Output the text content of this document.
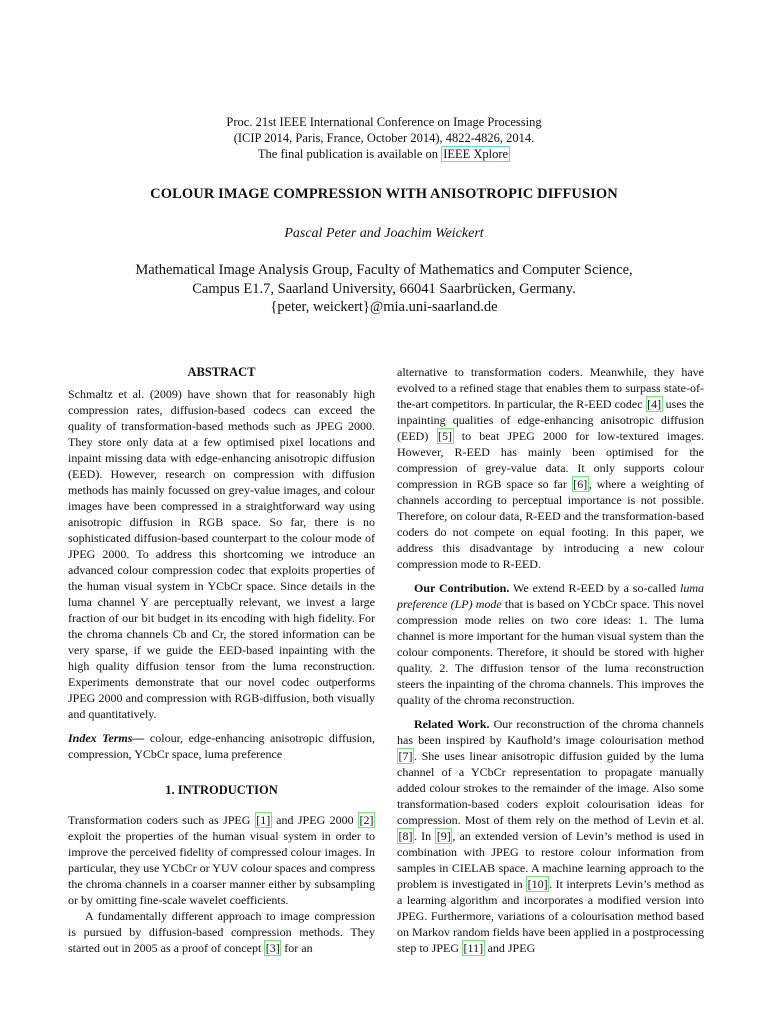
Proc. 21st IEEE International Conference on Image Processing
(ICIP 2014, Paris, France, October 2014), 4822-4826, 2014.
The final publication is available on IEEE Xplore
COLOUR IMAGE COMPRESSION WITH ANISOTROPIC DIFFUSION
Pascal Peter and Joachim Weickert
Mathematical Image Analysis Group, Faculty of Mathematics and Computer Science,
Campus E1.7, Saarland University, 66041 Saarbrücken, Germany.
{peter, weickert}@mia.uni-saarland.de
ABSTRACT

Schmaltz et al. (2009) have shown that for reasonably high compression rates, diffusion-based codecs can exceed the quality of transformation-based methods such as JPEG 2000. They store only data at a few optimised pixel locations and inpaint missing data with edge-enhancing anisotropic diffusion (EED). However, research on compression with diffusion methods has mainly focussed on grey-value images, and colour images have been compressed in a straightforward way using anisotropic diffusion in RGB space. So far, there is no sophisticated diffusion-based counterpart to the colour mode of JPEG 2000. To address this shortcoming we introduce an advanced colour compression codec that exploits properties of the human visual system in YCbCr space. Since details in the luma channel Y are perceptually relevant, we invest a large fraction of our bit budget in its encoding with high fidelity. For the chroma channels Cb and Cr, the stored information can be very sparse, if we guide the EED-based inpainting with the high quality diffusion tensor from the luma reconstruction. Experiments demonstrate that our novel codec outperforms JPEG 2000 and compression with RGB-diffusion, both visually and quantitatively.

Index Terms— colour, edge-enhancing anisotropic diffusion, compression, YCbCr space, luma preference

1. INTRODUCTION

Transformation coders such as JPEG [1] and JPEG 2000 [2] exploit the properties of the human visual system in order to improve the perceived fidelity of compressed colour images. In particular, they use YCbCr or YUV colour spaces and compress the chroma channels in a coarser manner either by subsampling or by omitting fine-scale wavelet coefficients.

A fundamentally different approach to image compression is pursued by diffusion-based compression methods. They started out in 2005 as a proof of concept [3] for an

alternative to transformation coders. Meanwhile, they have evolved to a refined stage that enables them to surpass state-of-the-art competitors. In particular, the R-EED codec [4] uses the inpainting qualities of edge-enhancing anisotropic diffusion (EED) [5] to beat JPEG 2000 for low-textured images. However, R-EED has mainly been optimised for the compression of grey-value data. It only supports colour compression in RGB space so far [6] , where a weighting of channels according to perceptual importance is not possible. Therefore, on colour data, R-EED and the transformation-based coders do not compete on equal footing. In this paper, we address this disadvantage by introducing a new colour compression mode to R-EED.

Our Contribution. We extend R-EED by a so-called luma preference (LP) mode that is based on YCbCr space. This novel compression mode relies on two core ideas: 1. The luma channel is more important for the human visual system than the colour components. Therefore, it should be stored with higher quality. 2. The diffusion tensor of the luma reconstruction steers the inpainting of the chroma channels. This improves the quality of the chroma reconstruction.

Related Work. Our reconstruction of the chroma channels has been inspired by Kaufhold’s image colourisation method [7] . She uses linear anisotropic diffusion guided by the luma channel of a YCbCr representation to propagate manually added colour strokes to the remainder of the image. Also some transformation-based coders exploit colourisation ideas for compression. Most of them rely on the method of Levin et al. [8] . In [9] , an extended version of Levin’s method is used in combination with JPEG to restore colour information from samples in CIELAB space. A machine learning approach to the problem is investigated in [10] . It interprets Levin’s method as a learning algorithm and incorporates a modified version into JPEG. Furthermore, variations of a colourisation method based on Markov random fields have been applied in a postprocessing step to JPEG [11] and JPEG
